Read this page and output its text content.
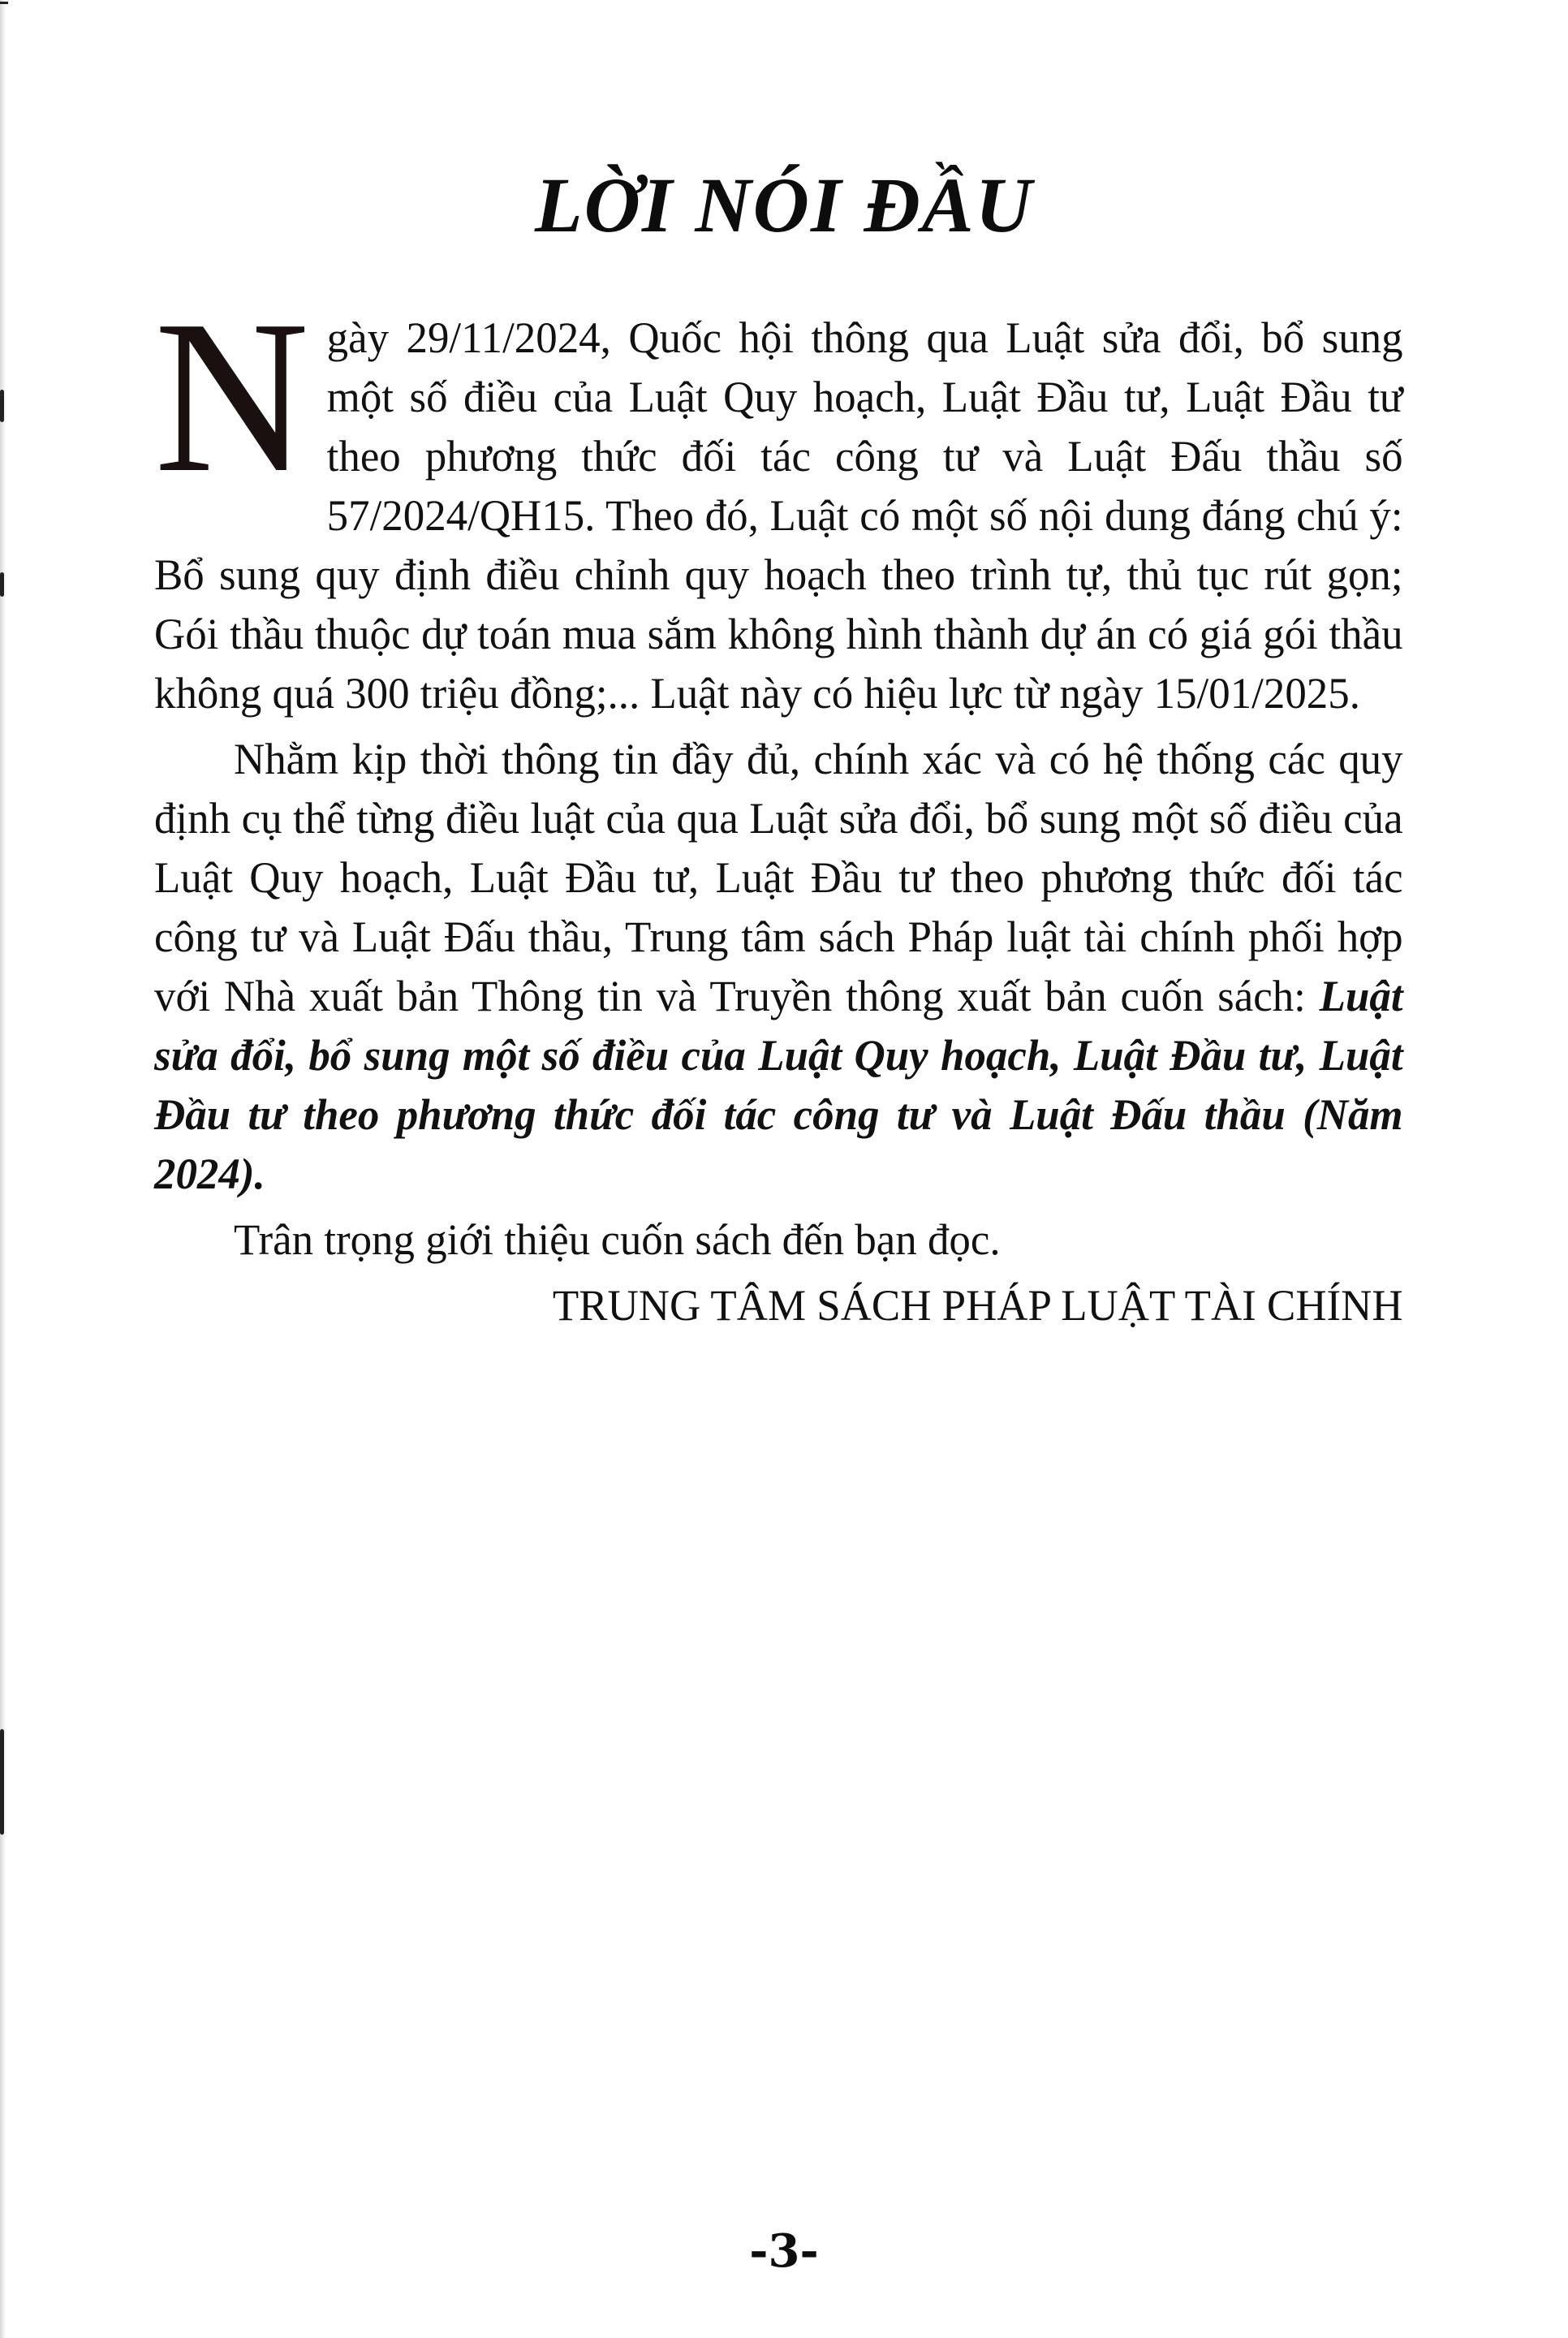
LỜI NÓI ĐẦU

Ngày 29/11/2024, Quốc hội thông qua Luật sửa đổi, bổ sung một số điều của Luật Quy hoạch, Luật Đầu tư, Luật Đầu tư theo phương thức đối tác công tư và Luật Đấu thầu số 57/2024/QH15. Theo đó, Luật có một số nội dung đáng chú ý: Bổ sung quy định điều chỉnh quy hoạch theo trình tự, thủ tục rút gọn; Gói thầu thuộc dự toán mua sắm không hình thành dự án có giá gói thầu không quá 300 triệu đồng;... Luật này có hiệu lực từ ngày 15/01/2025.

Nhằm kịp thời thông tin đầy đủ, chính xác và có hệ thống các quy định cụ thể từng điều luật của qua Luật sửa đổi, bổ sung một số điều của Luật Quy hoạch, Luật Đầu tư, Luật Đầu tư theo phương thức đối tác công tư và Luật Đấu thầu, Trung tâm sách Pháp luật tài chính phối hợp với Nhà xuất bản Thông tin và Truyền thông xuất bản cuốn sách: Luật sửa đổi, bổ sung một số điều của Luật Quy hoạch, Luật Đầu tư, Luật Đầu tư theo phương thức đối tác công tư và Luật Đấu thầu (Năm 2024).

Trân trọng giới thiệu cuốn sách đến bạn đọc.

TRUNG TÂM SÁCH PHÁP LUẬT TÀI CHÍNH

-3-
